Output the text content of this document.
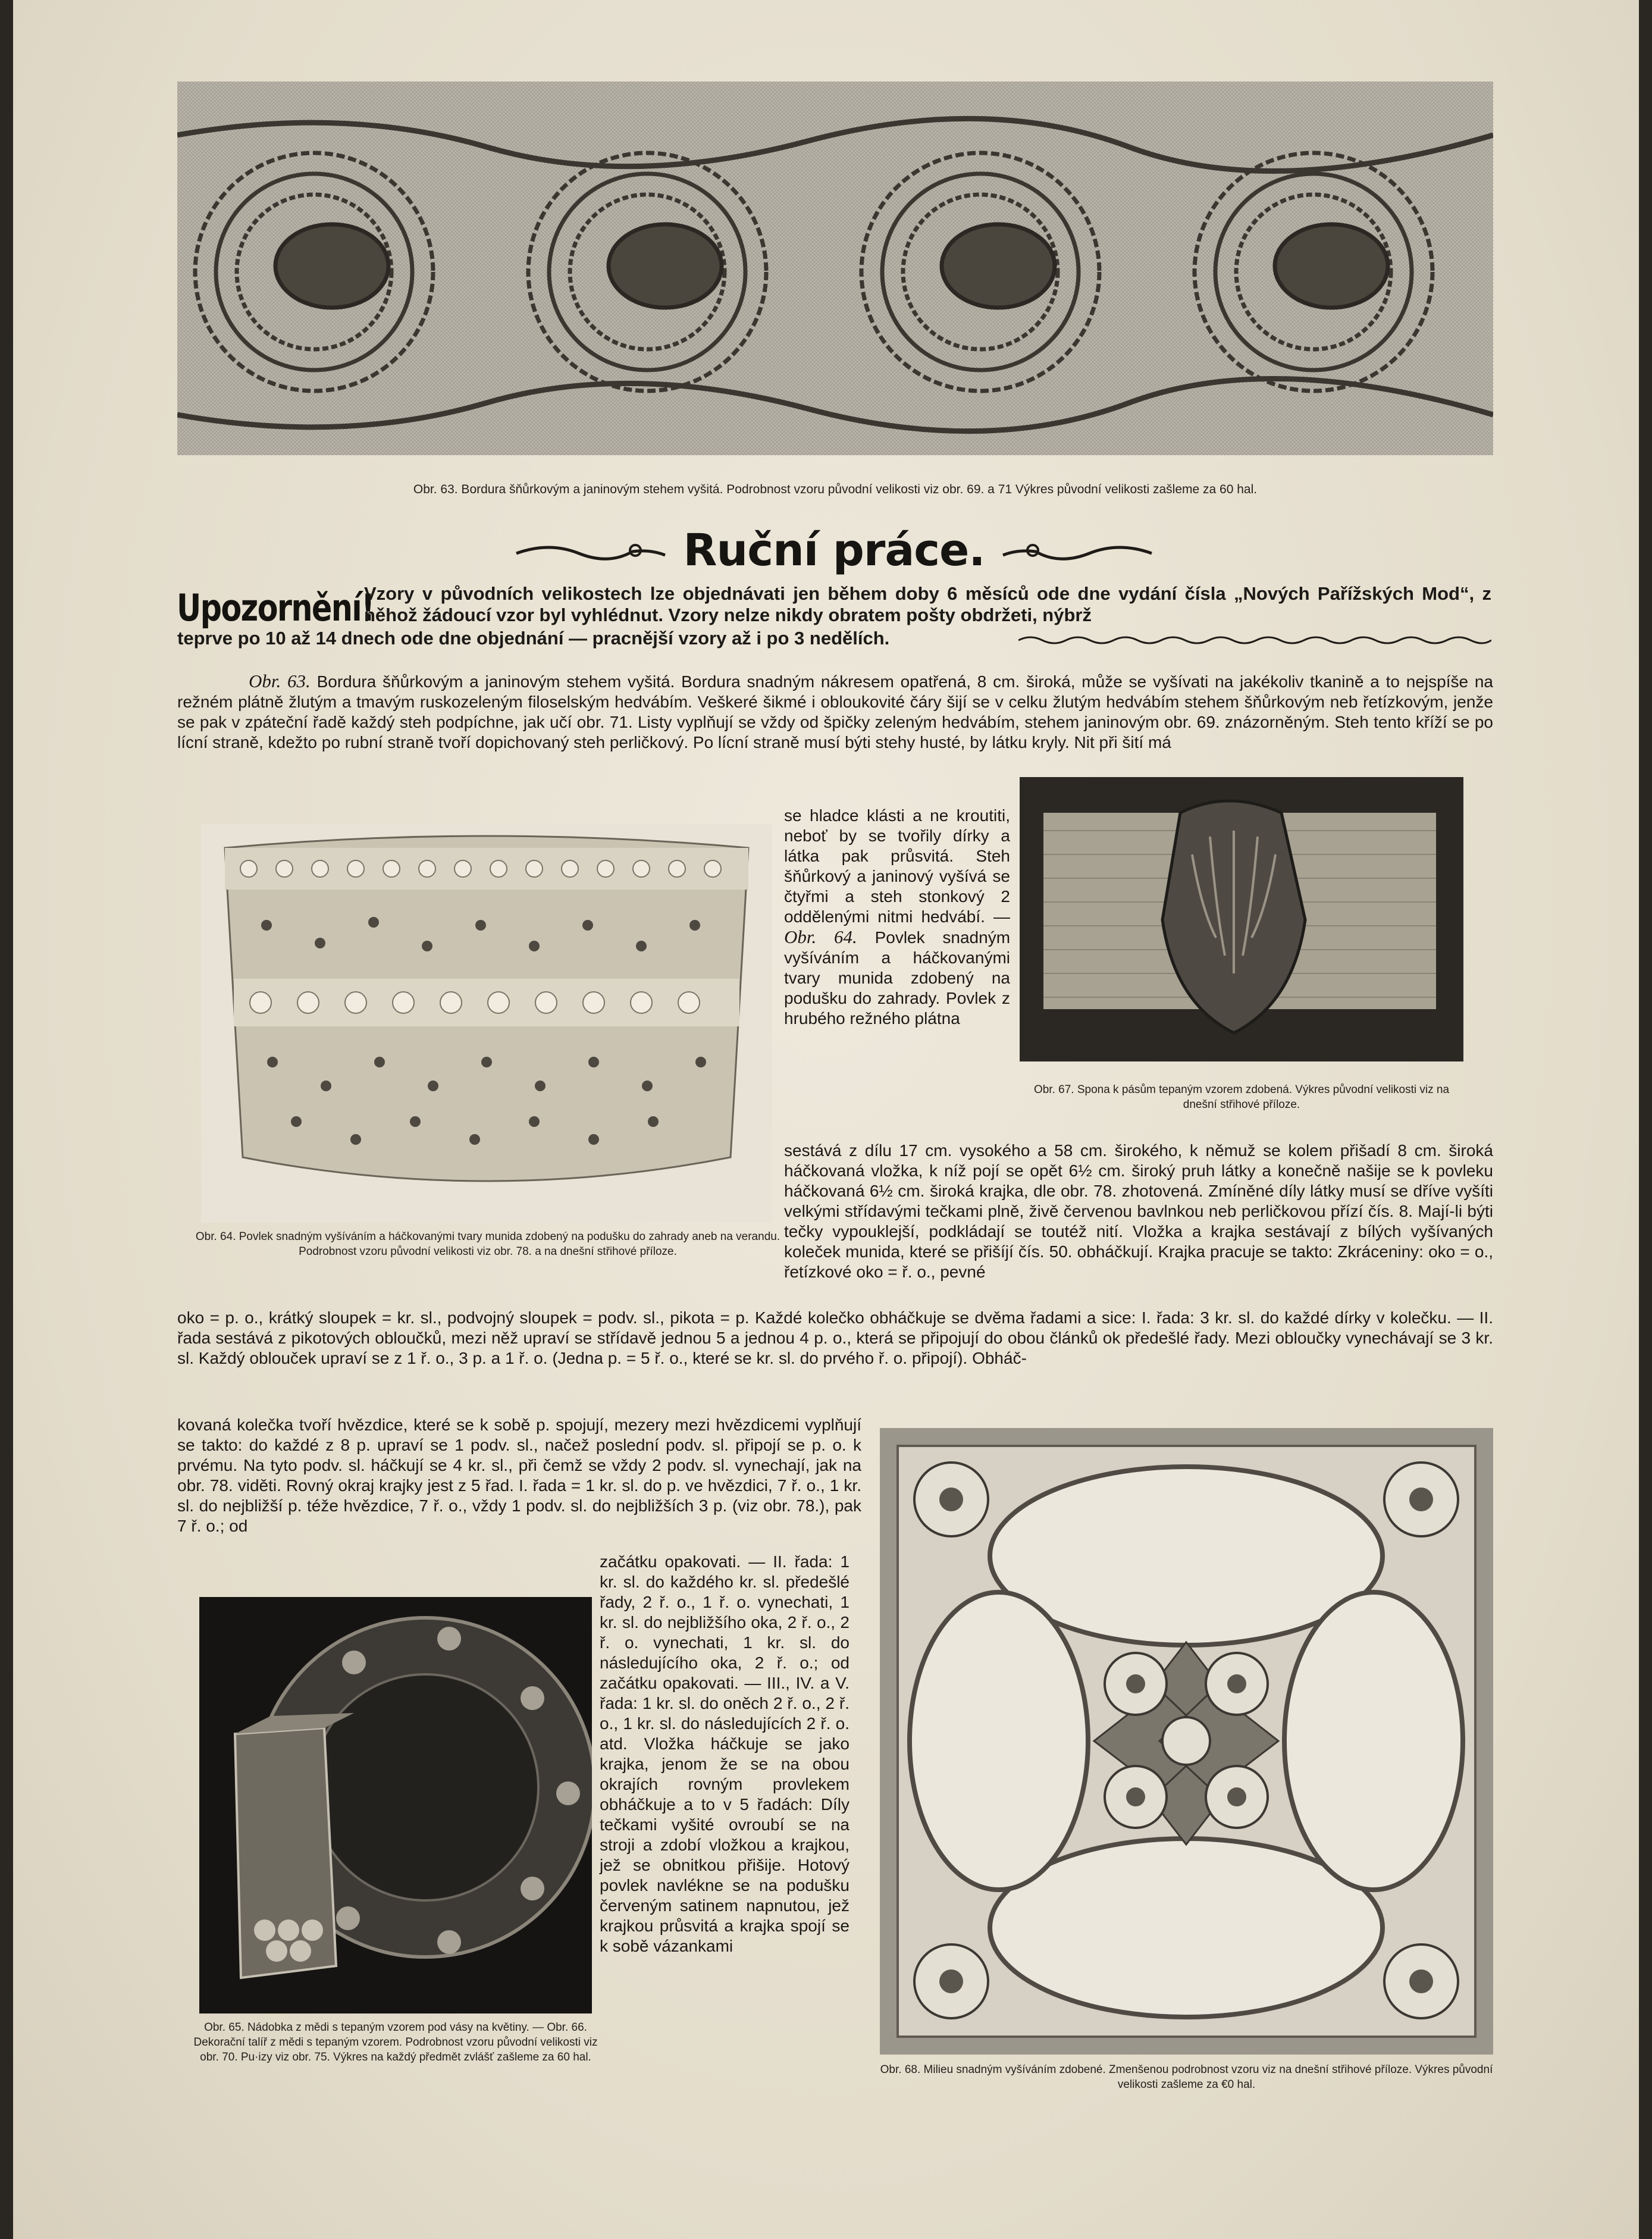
Obr. 63. Bordura šňůrkovým a janinovým stehem vyšitá. Podrobnost vzoru původní velikosti viz obr. 69. a 71 Výkres původní velikosti zašleme za 60 hal.
Ruční práce.
Upozornění!
Vzory v původních velikostech lze objednávati jen během doby 6 měsíců ode dne vydání čísla „Nových Pařížských Mod“, z něhož žádoucí vzor byl vyhlédnut. Vzory nelze nikdy obratem pošty obdržeti, nýbrž
teprve po 10 až 14 dnech ode dne objednání — pracnější vzory až i po 3 nedělích.
Obr. 63. Bordura šňůrkovým a janinovým stehem vyšitá. Bordura snadným nákresem opatřená, 8 cm. široká, může se vyšívati na jakékoliv tkanině a to nejspíše na režném plátně žlutým a tmavým ruskozeleným filoselským hedvábím. Veškeré šikmé i obloukovité čáry šijí se v celku žlutým hedvábím stehem šňůrkovým neb řetízkovým, jenže se pak v zpáteční řadě každý steh podpíchne, jak učí obr. 71. Listy vyplňují se vždy od špičky zeleným hedvábím, stehem janinovým obr. 69. znázorněným. Steh tento kříží se po lícní straně, kdežto po rubní straně tvoří dopichovaný steh perličkový. Po lícní straně musí býti stehy husté, by látku kryly. Nit při šití má
Obr. 64. Povlek snadným vyšíváním a háčkovanými tvary munida zdobený na podušku do zahrady aneb na verandu. Podrobnost vzoru původní velikosti viz obr. 78. a na dnešní střihové příloze.
se hladce klásti a ne kroutiti, neboť by se tvořily dírky a látka pak průsvitá. Steh šňůrkový a janinový vyšívá se čtyřmi a steh stonkový 2 oddělenými nitmi hedvábí. — Obr. 64. Povlek snadným vyšíváním a háčkovanými tvary munida zdobený na podušku do zahrady. Povlek z hrubého režného plátna
Obr. 67. Spona k pásům tepaným vzorem zdobená. Výkres původní velikosti viz na dnešní střihové příloze.
sestává z dílu 17 cm. vysokého a 58 cm. širokého, k němuž se kolem přišadí 8 cm. široká háčkovaná vložka, k níž pojí se opět 6½ cm. široký pruh látky a konečně našije se k povleku háčkovaná 6½ cm. široká krajka, dle obr. 78. zhotovená. Zmíněné díly látky musí se dříve vyšíti velkými střídavými tečkami plně, živě červenou bavlnkou neb perličkovou přízí čís. 8. Mají-li býti tečky vypouklejší, podkládají se toutéž nití. Vložka a krajka sestávají z bílých vyšívaných koleček munida, které se přišíjí čís. 50. obháčkují. Krajka pracuje se takto: Zkráceniny: oko = o., řetízkové oko = ř. o., pevné
oko = p. o., krátký sloupek = kr. sl., podvojný sloupek = podv. sl., pikota = p. Každé kolečko obháčkuje se dvěma řadami a sice: I. řada: 3 kr. sl. do každé dírky v kolečku. — II. řada sestává z pikotových obloučků, mezi něž upraví se střídavě jednou 5 a jednou 4 p. o., která se připojují do obou článků ok předešlé řady. Mezi obloučky vynechávají se 3 kr. sl. Každý oblouček upraví se z 1 ř. o., 3 p. a 1 ř. o. (Jedna p. = 5 ř. o., které se kr. sl. do prvého ř. o. připojí). Obháč-
kovaná kolečka tvoří hvězdice, které se k sobě p. spojují, mezery mezi hvězdicemi vyplňují se takto: do každé z 8 p. upraví se 1 podv. sl., načež poslední podv. sl. připojí se p. o. k prvému. Na tyto podv. sl. háčkují se 4 kr. sl., při čemž se vždy 2 podv. sl. vynechají, jak na obr. 78. viděti. Rovný okraj krajky jest z 5 řad. I. řada = 1 kr. sl. do p. ve hvězdici, 7 ř. o., 1 kr. sl. do nejbližší p. téže hvězdice, 7 ř. o., vždy 1 podv. sl. do nejbližších 3 p. (viz obr. 78.), pak 7 ř. o.; od
Obr. 65. Nádobka z mědi s tepaným vzorem pod vásy na květiny. — Obr. 66. Dekorační talíř z mědi s tepaným vzorem. Podrobnost vzoru původní velikosti viz obr. 70. Pu·izy viz obr. 75. Výkres na každý předmět zvlášť zašleme za 60 hal.
začátku opakovati. — II. řada: 1 kr. sl. do každého kr. sl. předešlé řady, 2 ř. o., 1 ř. o. vynechati, 1 kr. sl. do nejbližšího oka, 2 ř. o., 2 ř. o. vynechati, 1 kr. sl. do následujícího oka, 2 ř. o.; od začátku opakovati. — III., IV. a V. řada: 1 kr. sl. do oněch 2 ř. o., 2 ř. o., 1 kr. sl. do následujících 2 ř. o. atd. Vložka háčkuje se jako krajka, jenom že se na obou okrajích rovným provlekem obháčkuje a to v 5 řadách: Díly tečkami vyšité ovroubí se na stroji a zdobí vložkou a krajkou, jež se obnitkou přišije. Hotový povlek navlékne se na podušku červeným satinem napnutou, jež krajkou průsvitá a krajka spojí se k sobě vázankami
Obr. 68. Milieu snadným vyšíváním zdobené. Zmenšenou podrobnost vzoru viz na dnešní střihové příloze. Výkres původní velikosti zašleme za €0 hal.
